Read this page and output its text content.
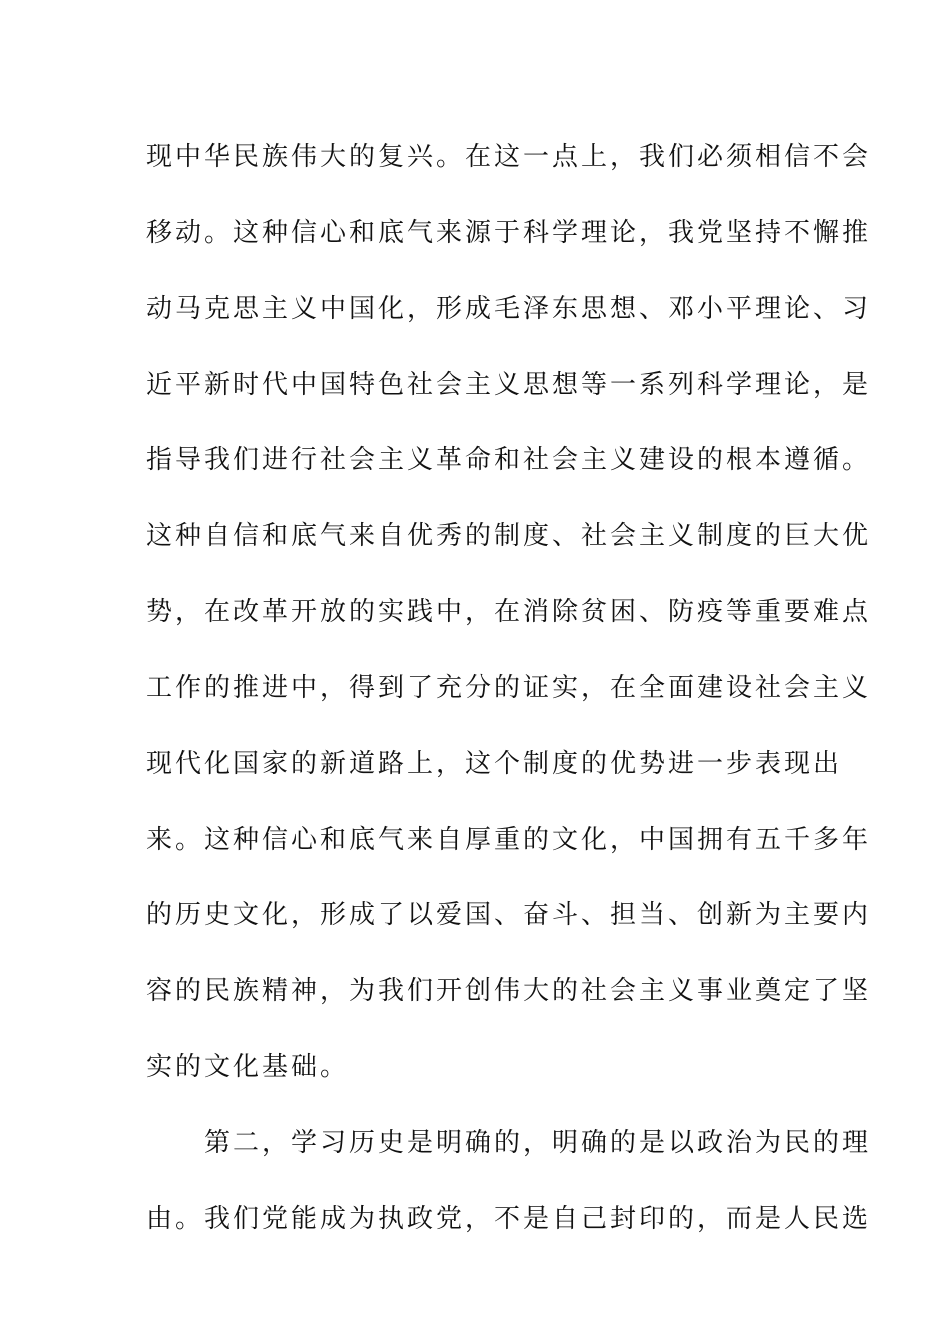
现中华民族伟大的复兴。在这一点上，我们必须相信不会
移动。这种信心和底气来源于科学理论，我党坚持不懈推
动马克思主义中国化，形成毛泽东思想、邓小平理论、习
近平新时代中国特色社会主义思想等一系列科学理论，是
指导我们进行社会主义革命和社会主义建设的根本遵循。
这种自信和底气来自优秀的制度、社会主义制度的巨大优
势，在改革开放的实践中，在消除贫困、防疫等重要难点
工作的推进中，得到了充分的证实，在全面建设社会主义
现代化国家的新道路上，这个制度的优势进一步表现出
来。这种信心和底气来自厚重的文化，中国拥有五千多年
的历史文化，形成了以爱国、奋斗、担当、创新为主要内
容的民族精神，为我们开创伟大的社会主义事业奠定了坚
实的文化基础。
　　第二，学习历史是明确的，明确的是以政治为民的理
由。我们党能成为执政党，不是自己封印的，而是人民选
